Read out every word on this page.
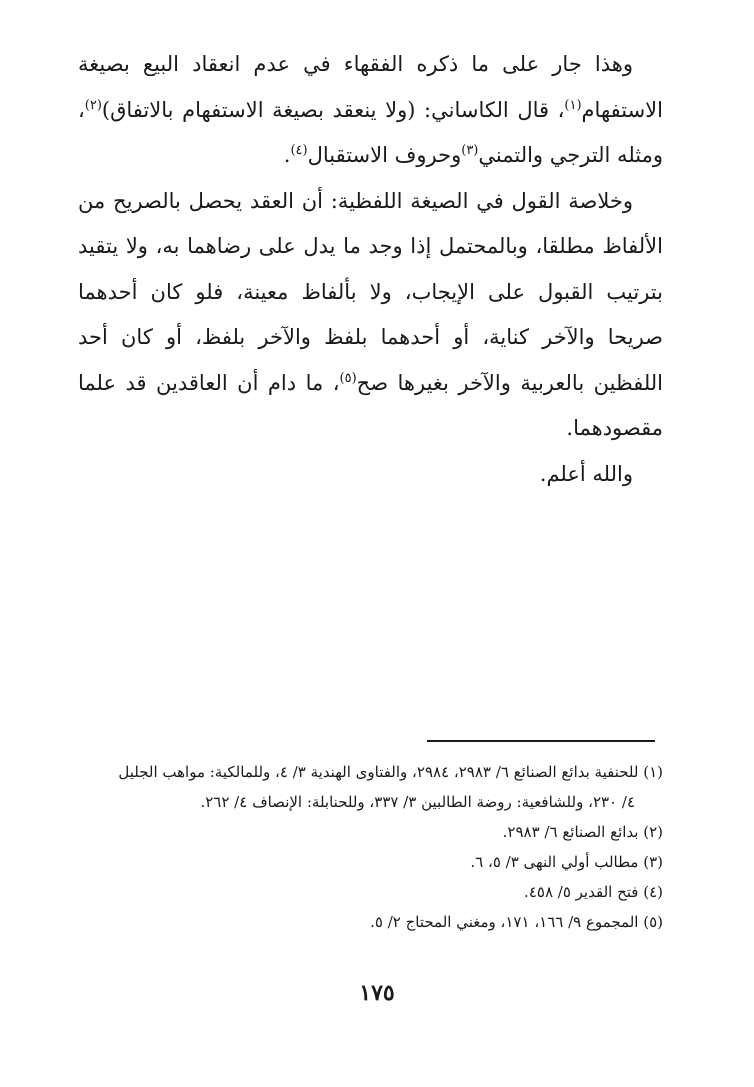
وهذا جار على ما ذكره الفقهاء في عدم انعقاد البيع بصيغة الاستفهام$^{(١)}$، قال الكاساني: (ولا ينعقد بصيغة الاستفهام بالاتفاق)$^{(٢)}$، ومثله الترجي والتمني$^{(٣)}$وحروف الاستقبال$^{(٤)}$.

وخلاصة القول في الصيغة اللفظية: أن العقد يحصل بالصريح من الألفاظ مطلقا، وبالمحتمل إذا وجد ما يدل على رضاهما به، ولا يتقيد بترتيب القبول على الإيجاب، ولا بألفاظ معينة، فلو كان أحدهما صريحا والآخر كناية، أو أحدهما بلفظ والآخر بلفظ، أو كان أحد اللفظين بالعربية والآخر بغيرها صح$^{(٥)}$، ما دام أن العاقدين قد علما مقصودهما.

والله أعلم.

(١) للحنفية بدائع الصنائع ٦/ ٢٩٨٣، ٢٩٨٤، والفتاوى الهندية ٣/ ٤، وللمالكية: مواهب الجليل

٤/ ٢٣٠، وللشافعية: روضة الطالبين ٣/ ٣٣٧، وللحنابلة: الإنصاف ٤/ ٢٦٢.

(٢) بدائع الصنائع ٦/ ٢٩٨٣.

(٣) مطالب أولي النهى ٣/ ٥، ٦.

(٤) فتح القدير ٥/ ٤٥٨.

(٥) المجموع ٩/ ١٦٦، ١٧١، ومغني المحتاج ٢/ ٥.

١٧٥
